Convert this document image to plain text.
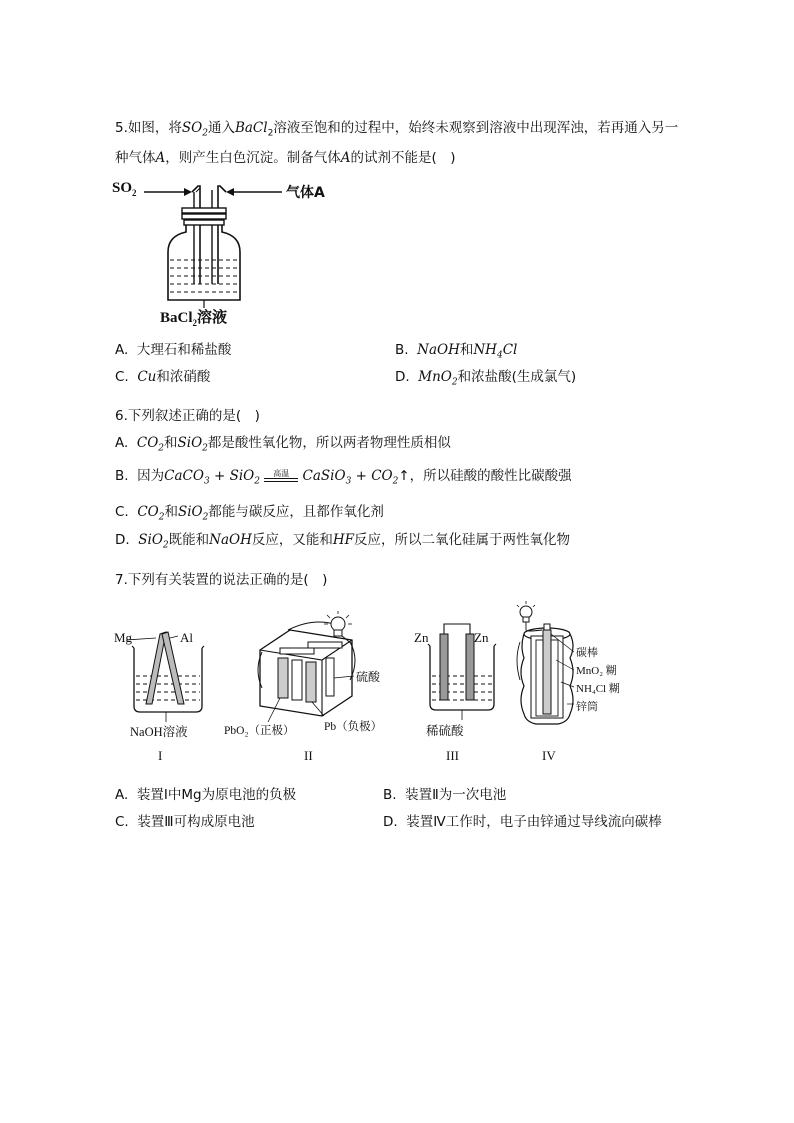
5.如图，将$SO_2$通入BaCl$_2$溶液至饱和的过程中，始终未观察到溶液中出现浑浊，若再通入另一
种气体A，则产生白色沉淀。制备气体A的试剂不能是(　)
$SO_2$	气体A
BaCl$_2$溶液
A. 大理石和稀盐酸	B. NaOH和$NH_4Cl$
C. Cu和浓硝酸	D. MnO$_2$和浓盐酸(生成氯气)
6.下列叙述正确的是(　)
A. $CO_2$和SiO$_2$都是酸性氧化物，所以两者物理性质相似
B. 因为CaCO$_3$ + SiO$_2$
高温 CaSiO$_3$ + $CO_2↑$，所以硅酸的酸性比碳酸强
C. $CO_2$和SiO$_2$都能与碳反应，且都作氧化剂
D. SiO$_2$既能和NaOH反应，又能和HF反应，所以二氧化硅属于两性氧化物
7.下列有关装置的说法正确的是(　)
Mg	Al
NaOH溶液
I
硫酸
PbO₂（正极）	Pb（负极）
II
Zn	Zn
稀硫酸
III
碳棒
MnO₂ 糊
NH₄Cl 糊
锌筒
IV
A. 装置Ⅰ中Mg为原电池的负极	B. 装置Ⅱ为一次电池
C. 装置Ⅲ可构成原电池	D. 装置Ⅳ工作时，电子由锌通过导线流向碳棒
